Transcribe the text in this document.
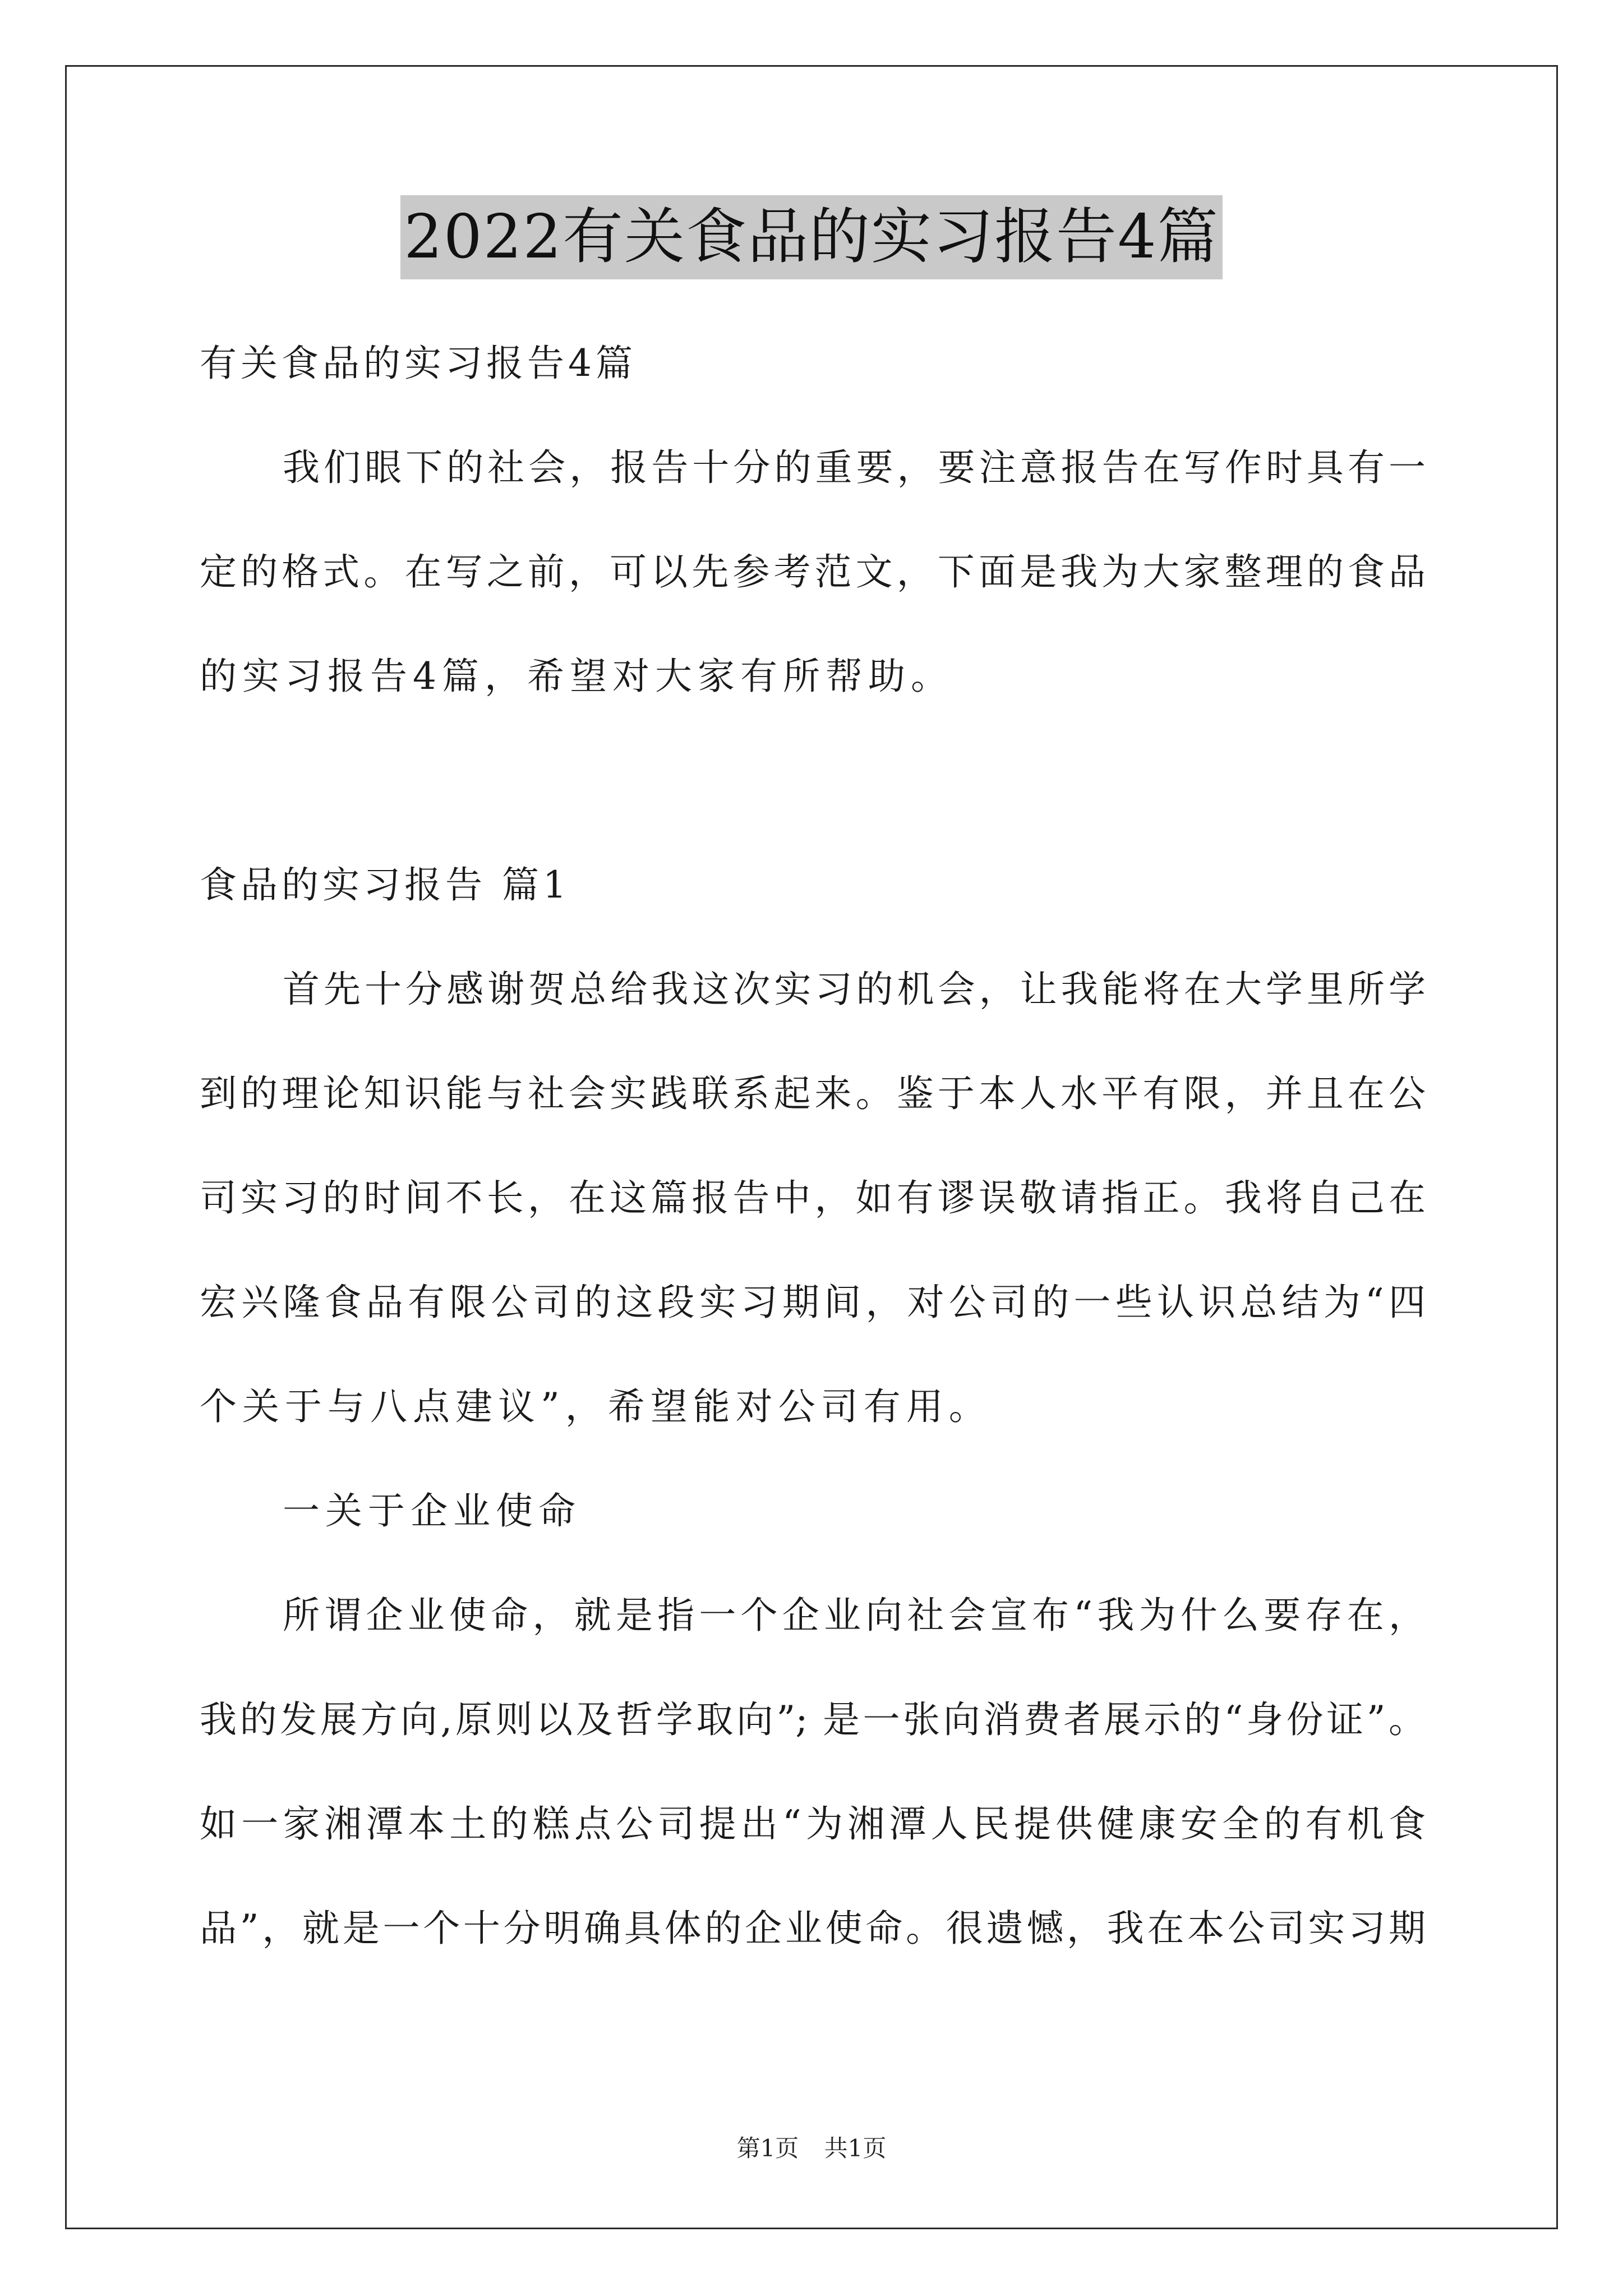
2022有关食品的实习报告4篇
有关食品的实习报告4篇
我们眼下的社会，报告十分的重要，要注意报告在写作时具有一
定的格式。在写之前，可以先参考范文，下面是我为大家整理的食品
的实习报告4篇，希望对大家有所帮助。
食品的实习报告 篇1
首先十分感谢贺总给我这次实习的机会，让我能将在大学里所学
到的理论知识能与社会实践联系起来。鉴于本人水平有限，并且在公
司实习的时间不长，在这篇报告中，如有谬误敬请指正。我将自己在
宏兴隆食品有限公司的这段实习期间，对公司的一些认识总结为“四
个关于与八点建议”，希望能对公司有用。
一关于企业使命
所谓企业使命，就是指一个企业向社会宣布“我为什么要存在，
我的发展方向,原则以及哲学取向”; 是一张向消费者展示的“身份证”。
如一家湘潭本土的糕点公司提出“为湘潭人民提供健康安全的有机食
品”，就是一个十分明确具体的企业使命。很遗憾，我在本公司实习期
第1页 共1页
